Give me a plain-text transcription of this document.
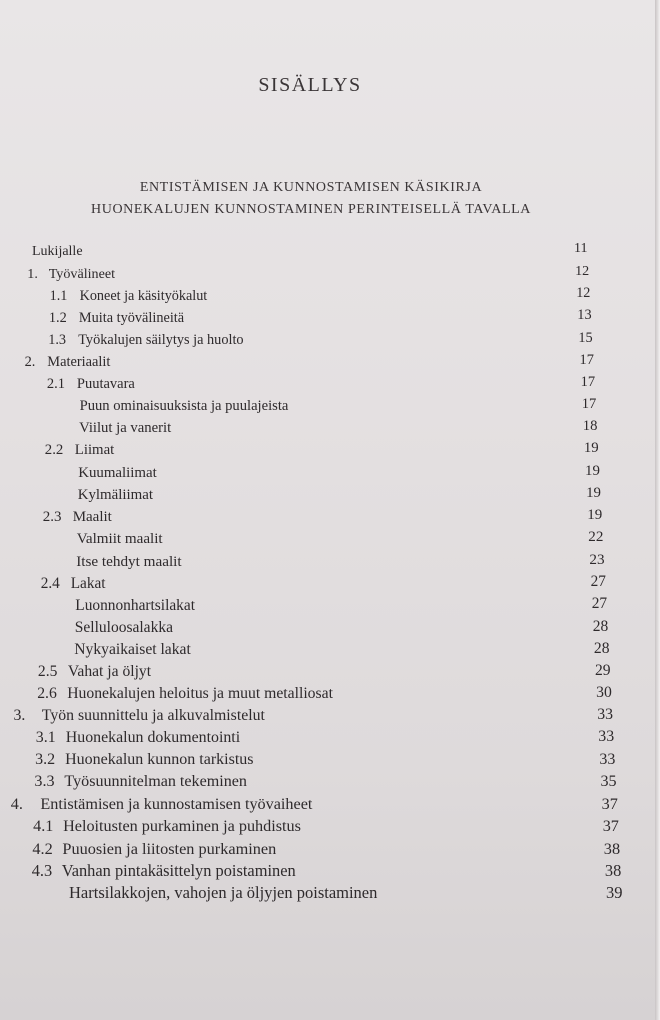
SISÄLLYS
ENTISTÄMISEN JA KUNNOSTAMISEN KÄSIKIRJA
HUONEKALUJEN KUNNOSTAMINEN PERINTEISELLÄ TAVALLA
Lukijalle	11
1. Työvälineet	12
1.1 Koneet ja käsityökalut	12
1.2 Muita työvälineitä	13
1.3 Työkalujen säilytys ja huolto	15
2. Materiaalit	17
2.1 Puutavara	17
Puun ominaisuuksista ja puulajeista	17
Viilut ja vanerit	18
2.2 Liimat	19
Kuumaliimat	19
Kylmäliimat	19
2.3 Maalit	19
Valmiit maalit	22
Itse tehdyt maalit	23
2.4 Lakat	27
Luonnonhartsilakat	27
Selluloosalakka	28
Nykyaikaiset lakat	28
2.5 Vahat ja öljyt	29
2.6 Huonekalujen heloitus ja muut metalliosat	30
3. Työn suunnittelu ja alkuvalmistelut	33
3.1 Huonekalun dokumentointi	33
3.2 Huonekalun kunnon tarkistus	33
3.3 Työsuunnitelman tekeminen	35
4. Entistämisen ja kunnostamisen työvaiheet	37
4.1 Heloitusten purkaminen ja puhdistus	37
4.2 Puuosien ja liitosten purkaminen	38
4.3 Vanhan pintakäsittelyn poistaminen	38
Hartsilakkojen, vahojen ja öljyjen poistaminen	39
